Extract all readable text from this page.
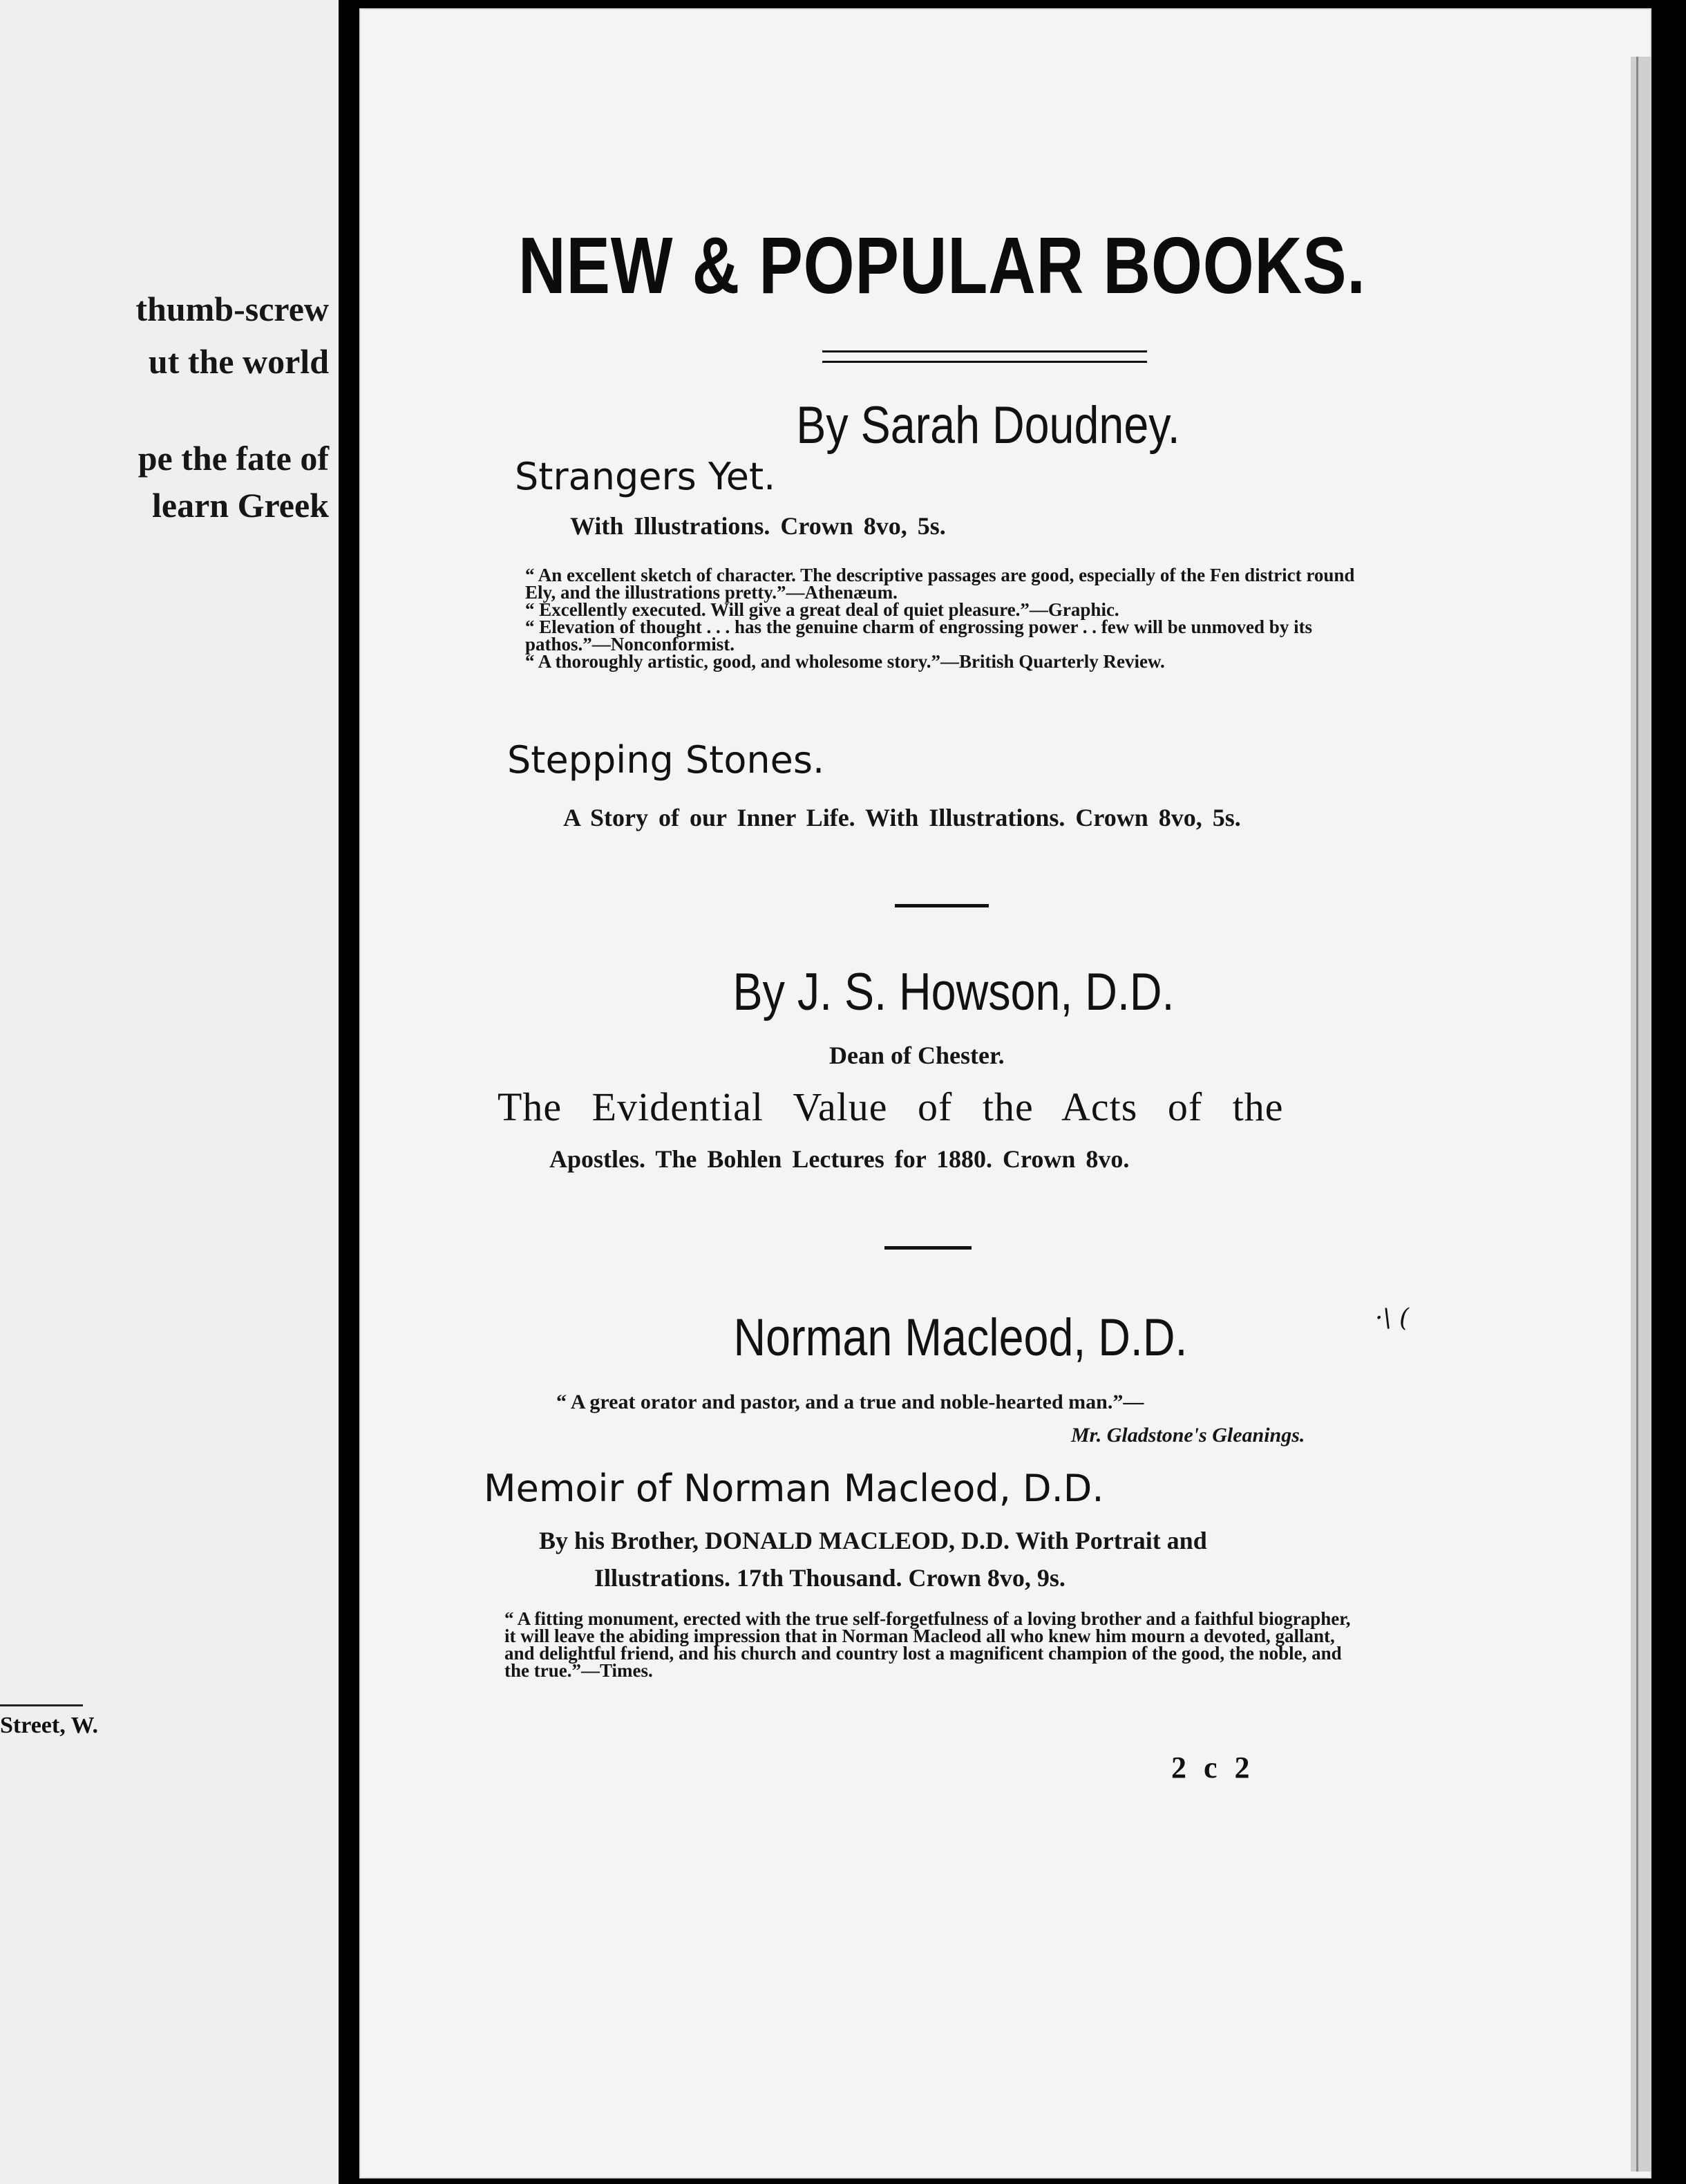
thumb-screw
ut the world
pe the fate of
learn Greek
Street, W.
NEW & POPULAR BOOKS.
By Sarah Doudney.
Strangers Yet.
With Illustrations. Crown 8vo, 5s.

“ An excellent sketch of character. The descriptive passages are good, especially of the Fen district round Ely, and the illustrations pretty.”—Athenæum.

“ Excellently executed. Will give a great deal of quiet pleasure.”—Graphic.

“ Elevation of thought . . . has the genuine charm of engrossing power . . few will be unmoved by its pathos.”—Nonconformist.

“ A thoroughly artistic, good, and wholesome story.”—British Quarterly Review.

Stepping Stones.
A Story of our Inner Life. With Illustrations. Crown 8vo, 5s.
By J. S. Howson, D.D.
Dean of Chester.
The Evidential Value of the Acts of the
Apostles. The Bohlen Lectures for 1880. Crown 8vo.
Norman Macleod, D.D.
“ A great orator and pastor, and a true and noble-hearted man.”—
Mr. Gladstone's Gleanings.
Memoir of Norman Macleod, D.D.
By his Brother, DONALD MACLEOD, D.D. With Portrait and
Illustrations. 17th Thousand. Crown 8vo, 9s.

“ A fitting monument, erected with the true self-forgetfulness of a loving brother and a faithful biographer, it will leave the abiding impression that in Norman Macleod all who knew him mourn a devoted, gallant, and delightful friend, and his church and country lost a magnificent champion of the good, the noble, and the true.”—Times.

2 c 2
·\ (
